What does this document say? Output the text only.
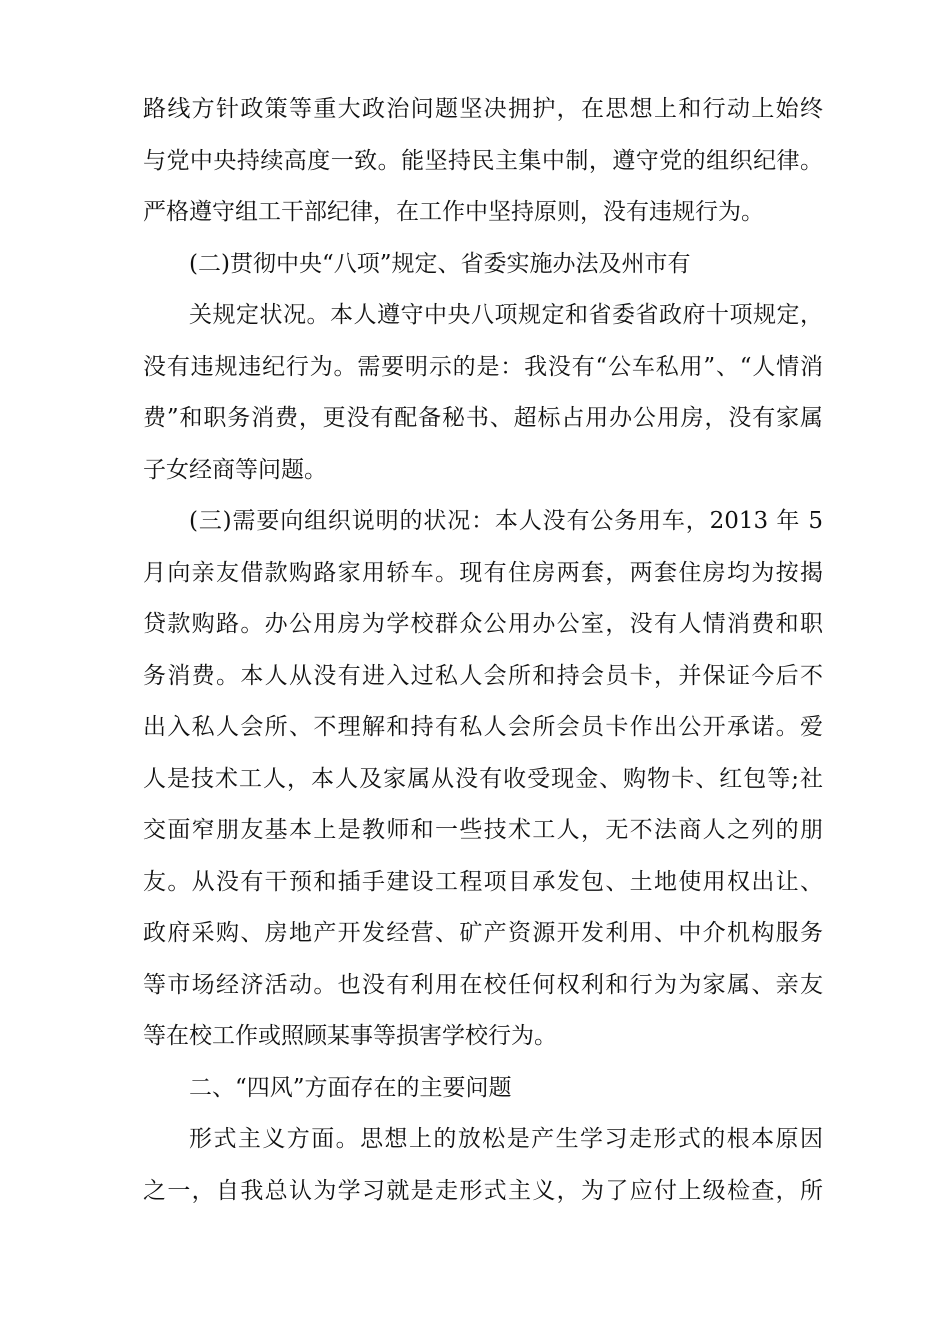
路线方针政策等重大政治问题坚决拥护，在思想上和行动上始终
与党中央持续高度一致。能坚持民主集中制，遵守党的组织纪律。
严格遵守组工干部纪律，在工作中坚持原则，没有违规行为。
(二)贯彻中央“八项”规定、省委实施办法及州市有
关规定状况。本人遵守中央八项规定和省委省政府十项规定，
没有违规违纪行为。需要明示的是：我没有“公车私用”、“人情消
费”和职务消费，更没有配备秘书、超标占用办公用房，没有家属
子女经商等问题。
(三)需要向组织说明的状况：本人没有公务用车，2013 年 5
月向亲友借款购路家用轿车。现有住房两套，两套住房均为按揭
贷款购路。办公用房为学校群众公用办公室，没有人情消费和职
务消费。本人从没有进入过私人会所和持会员卡，并保证今后不
出入私人会所、不理解和持有私人会所会员卡作出公开承诺。爱
人是技术工人，本人及家属从没有收受现金、购物卡、红包等;社
交面窄朋友基本上是教师和一些技术工人，无不法商人之列的朋
友。从没有干预和插手建设工程项目承发包、土地使用权出让、
政府采购、房地产开发经营、矿产资源开发利用、中介机构服务
等市场经济活动。也没有利用在校任何权利和行为为家属、亲友
等在校工作或照顾某事等损害学校行为。
二、“四风”方面存在的主要问题
形式主义方面。思想上的放松是产生学习走形式的根本原因
之一，自我总认为学习就是走形式主义，为了应付上级检查，所
